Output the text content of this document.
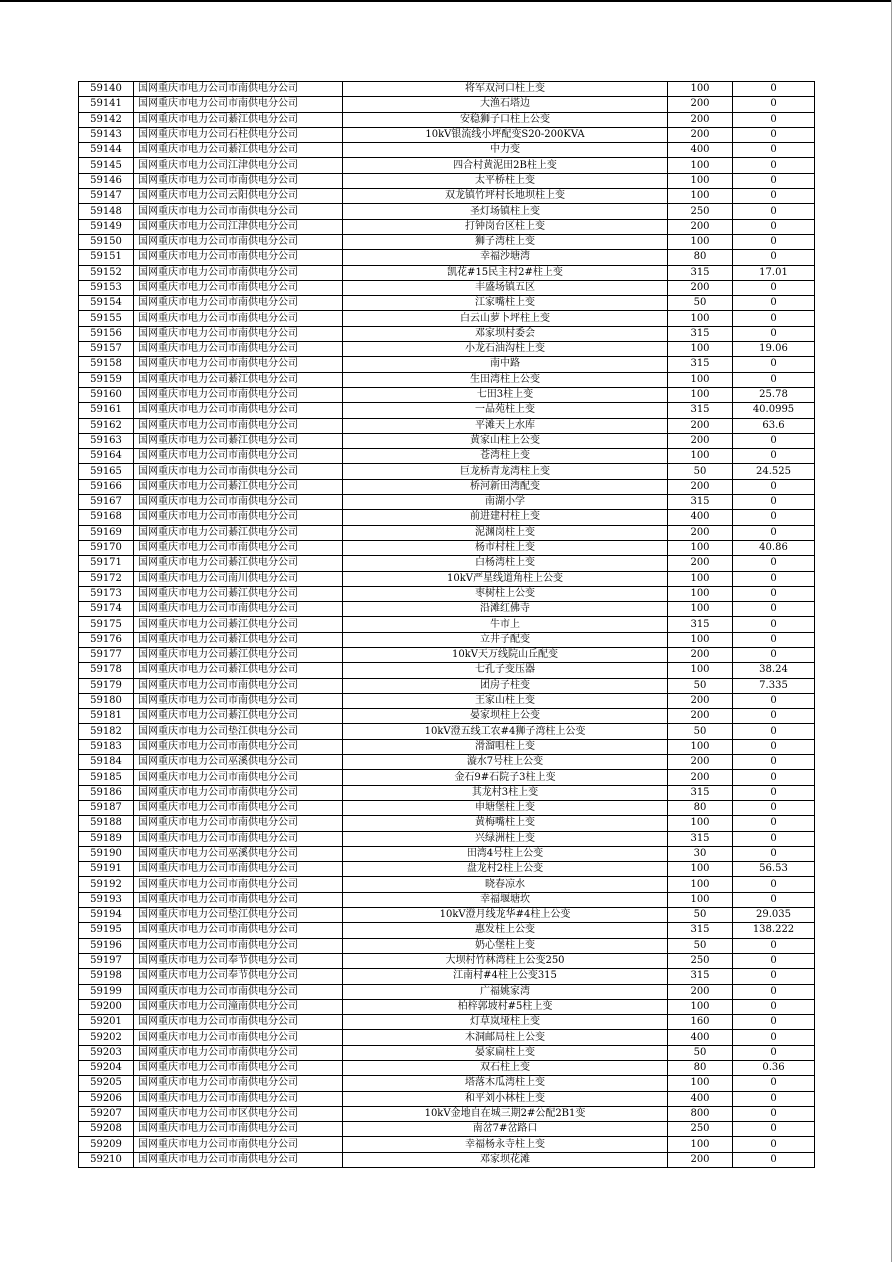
59140	国网重庆市电力公司市南供电分公司	将军双河口柱上变	100	0
59141	国网重庆市电力公司市南供电分公司	大渔石塔边	200	0
59142	国网重庆市电力公司綦江供电分公司	安稳狮子口柱上公变	200	0
59143	国网重庆市电力公司石柱供电分公司	10kV银流线小坪配变S20-200KVA	200	0
59144	国网重庆市电力公司綦江供电分公司	中力变	400	0
59145	国网重庆市电力公司江津供电分公司	四合村黄泥田2B柱上变	100	0
59146	国网重庆市电力公司市南供电分公司	太平桥柱上变	100	0
59147	国网重庆市电力公司云阳供电分公司	双龙镇竹坪村长地坝柱上变	100	0
59148	国网重庆市电力公司市南供电分公司	圣灯场镇柱上变	250	0
59149	国网重庆市电力公司江津供电分公司	打钟岗台区柱上变	200	0
59150	国网重庆市电力公司市南供电分公司	狮子湾柱上变	100	0
59151	国网重庆市电力公司市南供电分公司	幸福沙塘湾	80	0
59152	国网重庆市电力公司市南供电分公司	凯花#15民主村2#柱上变	315	17.01
59153	国网重庆市电力公司市南供电分公司	丰盛场镇五区	200	0
59154	国网重庆市电力公司市南供电分公司	江家嘴柱上变	50	0
59155	国网重庆市电力公司市南供电分公司	白云山萝卜坪柱上变	100	0
59156	国网重庆市电力公司市南供电分公司	邓家坝村委会	315	0
59157	国网重庆市电力公司市南供电分公司	小龙石油沟柱上变	100	19.06
59158	国网重庆市电力公司市南供电分公司	南中路	315	0
59159	国网重庆市电力公司綦江供电分公司	生田湾柱上公变	100	0
59160	国网重庆市电力公司市南供电分公司	七田3柱上变	100	25.78
59161	国网重庆市电力公司市南供电分公司	一品苑柱上变	315	40.0995
59162	国网重庆市电力公司市南供电分公司	平滩天上水库	200	63.6
59163	国网重庆市电力公司綦江供电分公司	黄家山柱上公变	200	0
59164	国网重庆市电力公司市南供电分公司	苍湾柱上变	100	0
59165	国网重庆市电力公司市南供电分公司	巨龙桥青龙湾柱上变	50	24.525
59166	国网重庆市电力公司綦江供电分公司	桥河新田湾配变	200	0
59167	国网重庆市电力公司市南供电分公司	南湖小学	315	0
59168	国网重庆市电力公司市南供电分公司	前进建村柱上变	400	0
59169	国网重庆市电力公司綦江供电分公司	泥渊岗柱上变	200	0
59170	国网重庆市电力公司市南供电分公司	杨市村柱上变	100	40.86
59171	国网重庆市电力公司綦江供电分公司	白杨湾柱上变	200	0
59172	国网重庆市电力公司南川供电分公司	10kV严星线道角柱上公变	100	0
59173	国网重庆市电力公司綦江供电分公司	枣树柱上公变	100	0
59174	国网重庆市电力公司市南供电分公司	沿滩红佛寺	100	0
59175	国网重庆市电力公司綦江供电分公司	牛市上	315	0
59176	国网重庆市电力公司綦江供电分公司	立井子配变	100	0
59177	国网重庆市电力公司綦江供电分公司	10kV天万线院山丘配变	200	0
59178	国网重庆市电力公司綦江供电分公司	七孔子变压器	100	38.24
59179	国网重庆市电力公司市南供电分公司	团房子柱变	50	7.335
59180	国网重庆市电力公司市南供电分公司	王家山柱上变	200	0
59181	国网重庆市电力公司綦江供电分公司	晏家坝柱上公变	200	0
59182	国网重庆市电力公司垫江供电分公司	10kV澄五线工农#4狮子湾柱上公变	50	0
59183	国网重庆市电力公司市南供电分公司	滑溜咀柱上变	100	0
59184	国网重庆市电力公司巫溪供电分公司	漩水7号柱上公变	200	0
59185	国网重庆市电力公司市南供电分公司	金石9#石院子3柱上变	200	0
59186	国网重庆市电力公司市南供电分公司	其龙村3柱上变	315	0
59187	国网重庆市电力公司市南供电分公司	申塘堡柱上变	80	0
59188	国网重庆市电力公司市南供电分公司	黄梅嘴柱上变	100	0
59189	国网重庆市电力公司市南供电分公司	兴绿洲柱上变	315	0
59190	国网重庆市电力公司巫溪供电分公司	田湾4号柱上公变	30	0
59191	国网重庆市电力公司市南供电分公司	盘龙村2柱上公变	100	56.53
59192	国网重庆市电力公司市南供电分公司	晓春凉水	100	0
59193	国网重庆市电力公司市南供电分公司	幸福堰塘坎	100	0
59194	国网重庆市电力公司垫江供电分公司	10kV澄月线龙华#4柱上公变	50	29.035
59195	国网重庆市电力公司市南供电分公司	惠发柱上公变	315	138.222
59196	国网重庆市电力公司市南供电分公司	奶心堡柱上变	50	0
59197	国网重庆市电力公司奉节供电分公司	大坝村竹林湾柱上公变250	250	0
59198	国网重庆市电力公司奉节供电分公司	江南村#4柱上公变315	315	0
59199	国网重庆市电力公司市南供电分公司	广福姚家湾	200	0
59200	国网重庆市电力公司潼南供电分公司	柏梓郭坡村#5柱上变	100	0
59201	国网重庆市电力公司市南供电分公司	灯草岚垭柱上变	160	0
59202	国网重庆市电力公司市南供电分公司	木洞邮局柱上公变	400	0
59203	国网重庆市电力公司市南供电分公司	晏家扁柱上变	50	0
59204	国网重庆市电力公司市南供电分公司	双石柱上变	80	0.36
59205	国网重庆市电力公司市南供电分公司	塔落木瓜湾柱上变	100	0
59206	国网重庆市电力公司市南供电分公司	和平刘小林柱上变	400	0
59207	国网重庆市电力公司市区供电分公司	10kV金地自在城三期2#公配2B1变	800	0
59208	国网重庆市电力公司市南供电分公司	南岔7#岔路口	250	0
59209	国网重庆市电力公司市南供电分公司	幸福杨永寺柱上变	100	0
59210	国网重庆市电力公司市南供电分公司	邓家坝花滩	200	0
